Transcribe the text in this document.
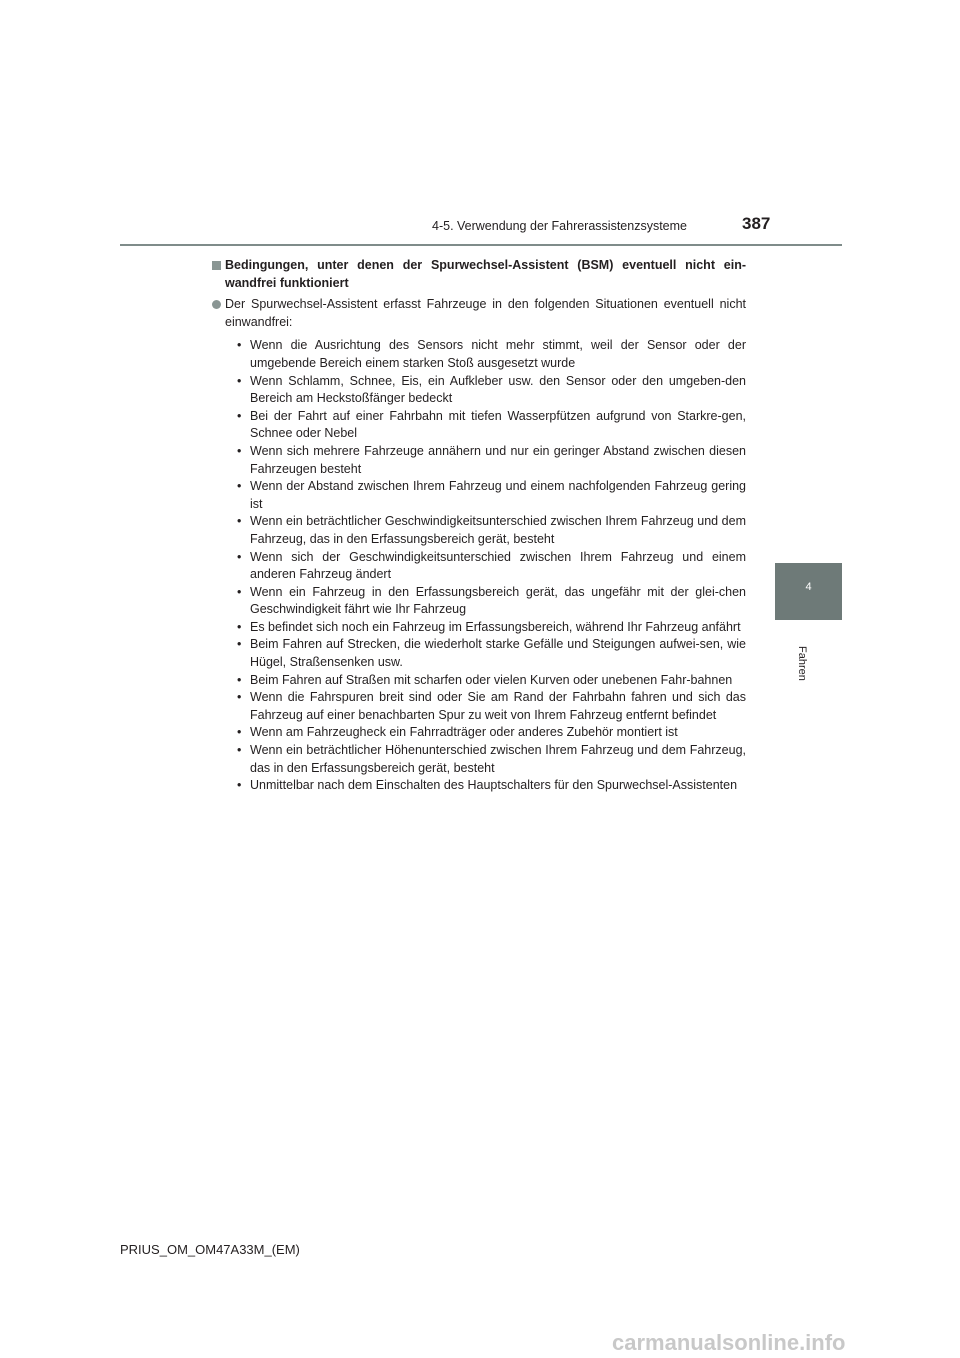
4-5. Verwendung der Fahrerassistenzsysteme	387
4
Fahren
Bedingungen, unter denen der Spurwechsel-Assistent (BSM) eventuell nicht ein-wandfrei funktioniert
Der Spurwechsel-Assistent erfasst Fahrzeuge in den folgenden Situationen eventuell nicht einwandfrei:
• Wenn die Ausrichtung des Sensors nicht mehr stimmt, weil der Sensor oder der umgebende Bereich einem starken Stoß ausgesetzt wurde
• Wenn Schlamm, Schnee, Eis, ein Aufkleber usw. den Sensor oder den umgeben-den Bereich am Heckstoßfänger bedeckt
• Bei der Fahrt auf einer Fahrbahn mit tiefen Wasserpfützen aufgrund von Starkre-gen, Schnee oder Nebel
• Wenn sich mehrere Fahrzeuge annähern und nur ein geringer Abstand zwischen diesen Fahrzeugen besteht
• Wenn der Abstand zwischen Ihrem Fahrzeug und einem nachfolgenden Fahrzeug gering ist
• Wenn ein beträchtlicher Geschwindigkeitsunterschied zwischen Ihrem Fahrzeug und dem Fahrzeug, das in den Erfassungsbereich gerät, besteht
• Wenn sich der Geschwindigkeitsunterschied zwischen Ihrem Fahrzeug und einem anderen Fahrzeug ändert
• Wenn ein Fahrzeug in den Erfassungsbereich gerät, das ungefähr mit der glei-chen Geschwindigkeit fährt wie Ihr Fahrzeug
• Es befindet sich noch ein Fahrzeug im Erfassungsbereich, während Ihr Fahrzeug anfährt
• Beim Fahren auf Strecken, die wiederholt starke Gefälle und Steigungen aufwei-sen, wie Hügel, Straßensenken usw.
• Beim Fahren auf Straßen mit scharfen oder vielen Kurven oder unebenen Fahr-bahnen
• Wenn die Fahrspuren breit sind oder Sie am Rand der Fahrbahn fahren und sich das Fahrzeug auf einer benachbarten Spur zu weit von Ihrem Fahrzeug entfernt befindet
• Wenn am Fahrzeugheck ein Fahrradträger oder anderes Zubehör montiert ist
• Wenn ein beträchtlicher Höhenunterschied zwischen Ihrem Fahrzeug und dem Fahrzeug, das in den Erfassungsbereich gerät, besteht
• Unmittelbar nach dem Einschalten des Hauptschalters für den Spurwechsel-Assistenten
PRIUS_OM_OM47A33M_(EM)
carmanualsonline.info
